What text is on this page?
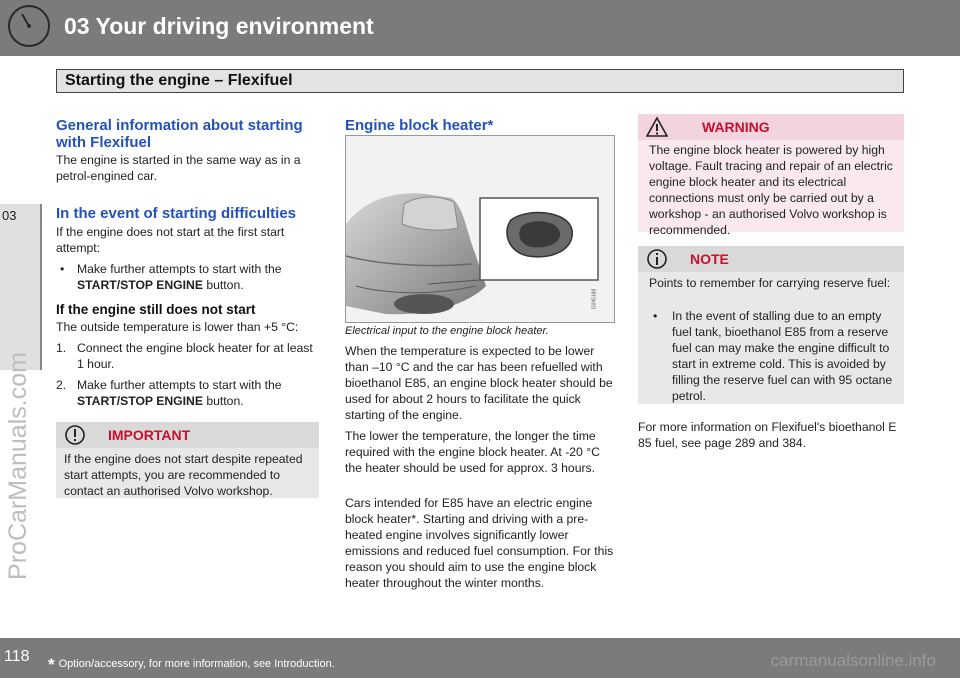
03 Your driving environment
Starting the engine – Flexifuel
03
ProCarManuals.com
General information about starting with Flexifuel

The engine is started in the same way as in a petrol-engined car.

In the event of starting difficulties

If the engine does not start at the first start attempt:

• Make further attempts to start with the
START/STOP ENGINE button.
If the engine still does not start

The outside temperature is lower than +5 °C:

1. Connect the engine block heater for at least 1 hour.
2. Make further attempts to start with the
START/STOP ENGINE button.
IMPORTANT
If the engine does not start despite repeated start attempts, you are recommended to contact an authorised Volvo workshop.
Engine block heater*
G045188
Electrical input to the engine block heater.

When the temperature is expected to be lower than –10 °C and the car has been refuelled with bioethanol E85, an engine block heater should be used for about 2 hours to facilitate the quick starting of the engine.

The lower the temperature, the longer the time required with the engine block heater. At -20 °C the heater should be used for approx. 3 hours.

Cars intended for E85 have an electric engine block heater*. Starting and driving with a pre-heated engine involves significantly lower emissions and reduced fuel consumption. For this reason you should aim to use the engine block heater throughout the winter months.

WARNING
The engine block heater is powered by high voltage. Fault tracing and repair of an electric engine block heater and its electrical connections must only be carried out by a workshop - an authorised Volvo workshop is recommended.
NOTE
Points to remember for carrying reserve fuel:
• In the event of stalling due to an empty fuel tank, bioethanol E85 from a reserve fuel can may make the engine difficult to start in extreme cold. This is avoided by filling the reserve fuel can with 95 octane petrol.

For more information on Flexifuel's bioethanol E 85 fuel, see page 289 and 384.

118 * Option/accessory, for more information, see Introduction.	carmanualsonline.info
